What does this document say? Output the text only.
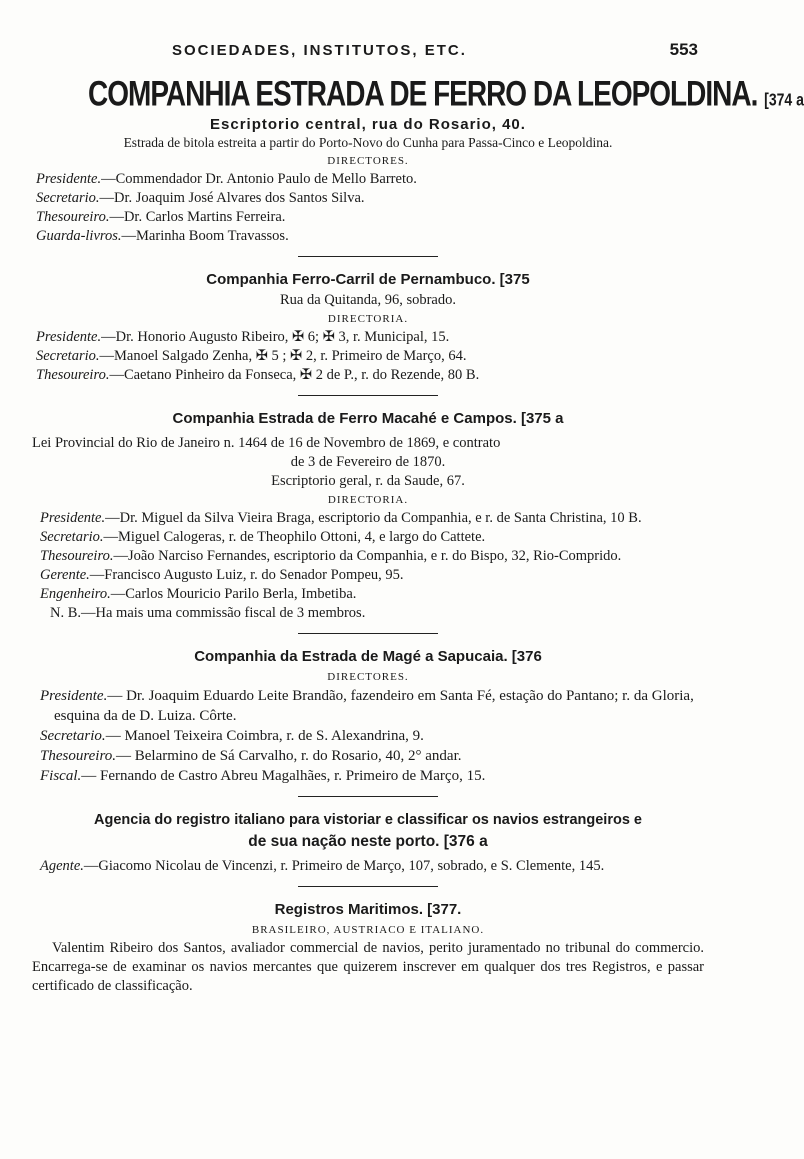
SOCIEDADES, INSTITUTOS, ETC.	553
COMPANHIA ESTRADA DE FERRO DA LEOPOLDINA. [374 a
Escriptorio central, rua do Rosario, 40.
Estrada de bitola estreita a partir do Porto-Novo do Cunha para Passa-Cinco e Leopoldina.
DIRECTORES.
Presidente.—Commendador Dr. Antonio Paulo de Mello Barreto.
Secretario.—Dr. Joaquim José Alvares dos Santos Silva.
Thesoureiro.—Dr. Carlos Martins Ferreira.
Guarda-livros.—Marinha Boom Travassos.
Companhia Ferro-Carril de Pernambuco. [375
Rua da Quitanda, 96, sobrado.
DIRECTORIA.
Presidente.—Dr. Honorio Augusto Ribeiro, ✠ 6; ✠ 3, r. Municipal, 15.
Secretario.—Manoel Salgado Zenha, ✠ 5 ; ✠ 2, r. Primeiro de Março, 64.
Thesoureiro.—Caetano Pinheiro da Fonseca, ✠ 2 de P., r. do Rezende, 80 B.
Companhia Estrada de Ferro Macahé e Campos. [375 a
Lei Provincial do Rio de Janeiro n. 1464 de 16 de Novembro de 1869, e contrato
de 3 de Fevereiro de 1870.
Escriptorio geral, r. da Saude, 67.
DIRECTORIA.
Presidente.—Dr. Miguel da Silva Vieira Braga, escriptorio da Companhia, e r. de Santa Christina, 10 B.
Secretario.—Miguel Calogeras, r. de Theophilo Ottoni, 4, e largo do Cattete.
Thesoureiro.—João Narciso Fernandes, escriptorio da Companhia, e r. do Bispo, 32, Rio-Comprido.
Gerente.—Francisco Augusto Luiz, r. do Senador Pompeu, 95.
Engenheiro.—Carlos Mouricio Parilo Berla, Imbetiba.
N. B.—Ha mais uma commissão fiscal de 3 membros.
Companhia da Estrada de Magé a Sapucaia. [376
DIRECTORES.
Presidente.— Dr. Joaquim Eduardo Leite Brandão, fazendeiro em Santa Fé, estação do Pantano; r. da Gloria, esquina da de D. Luiza. Côrte.
Secretario.— Manoel Teixeira Coimbra, r. de S. Alexandrina, 9.
Thesoureiro.— Belarmino de Sá Carvalho, r. do Rosario, 40, 2° andar.
Fiscal.— Fernando de Castro Abreu Magalhães, r. Primeiro de Março, 15.
Agencia do registro italiano para vistoriar e classificar os navios estrangeiros e
de sua nação neste porto. [376 a
Agente.—Giacomo Nicolau de Vincenzi, r. Primeiro de Março, 107, sobrado, e S. Clemente, 145.
Registros Maritimos. [377.
BRASILEIRO, AUSTRIACO E ITALIANO.
Valentim Ribeiro dos Santos, avaliador commercial de navios, perito juramentado no tribunal do commercio. Encarrega-se de examinar os navios mercantes que quizerem inscrever em qualquer dos tres Registros, e passar certificado de classificação.
